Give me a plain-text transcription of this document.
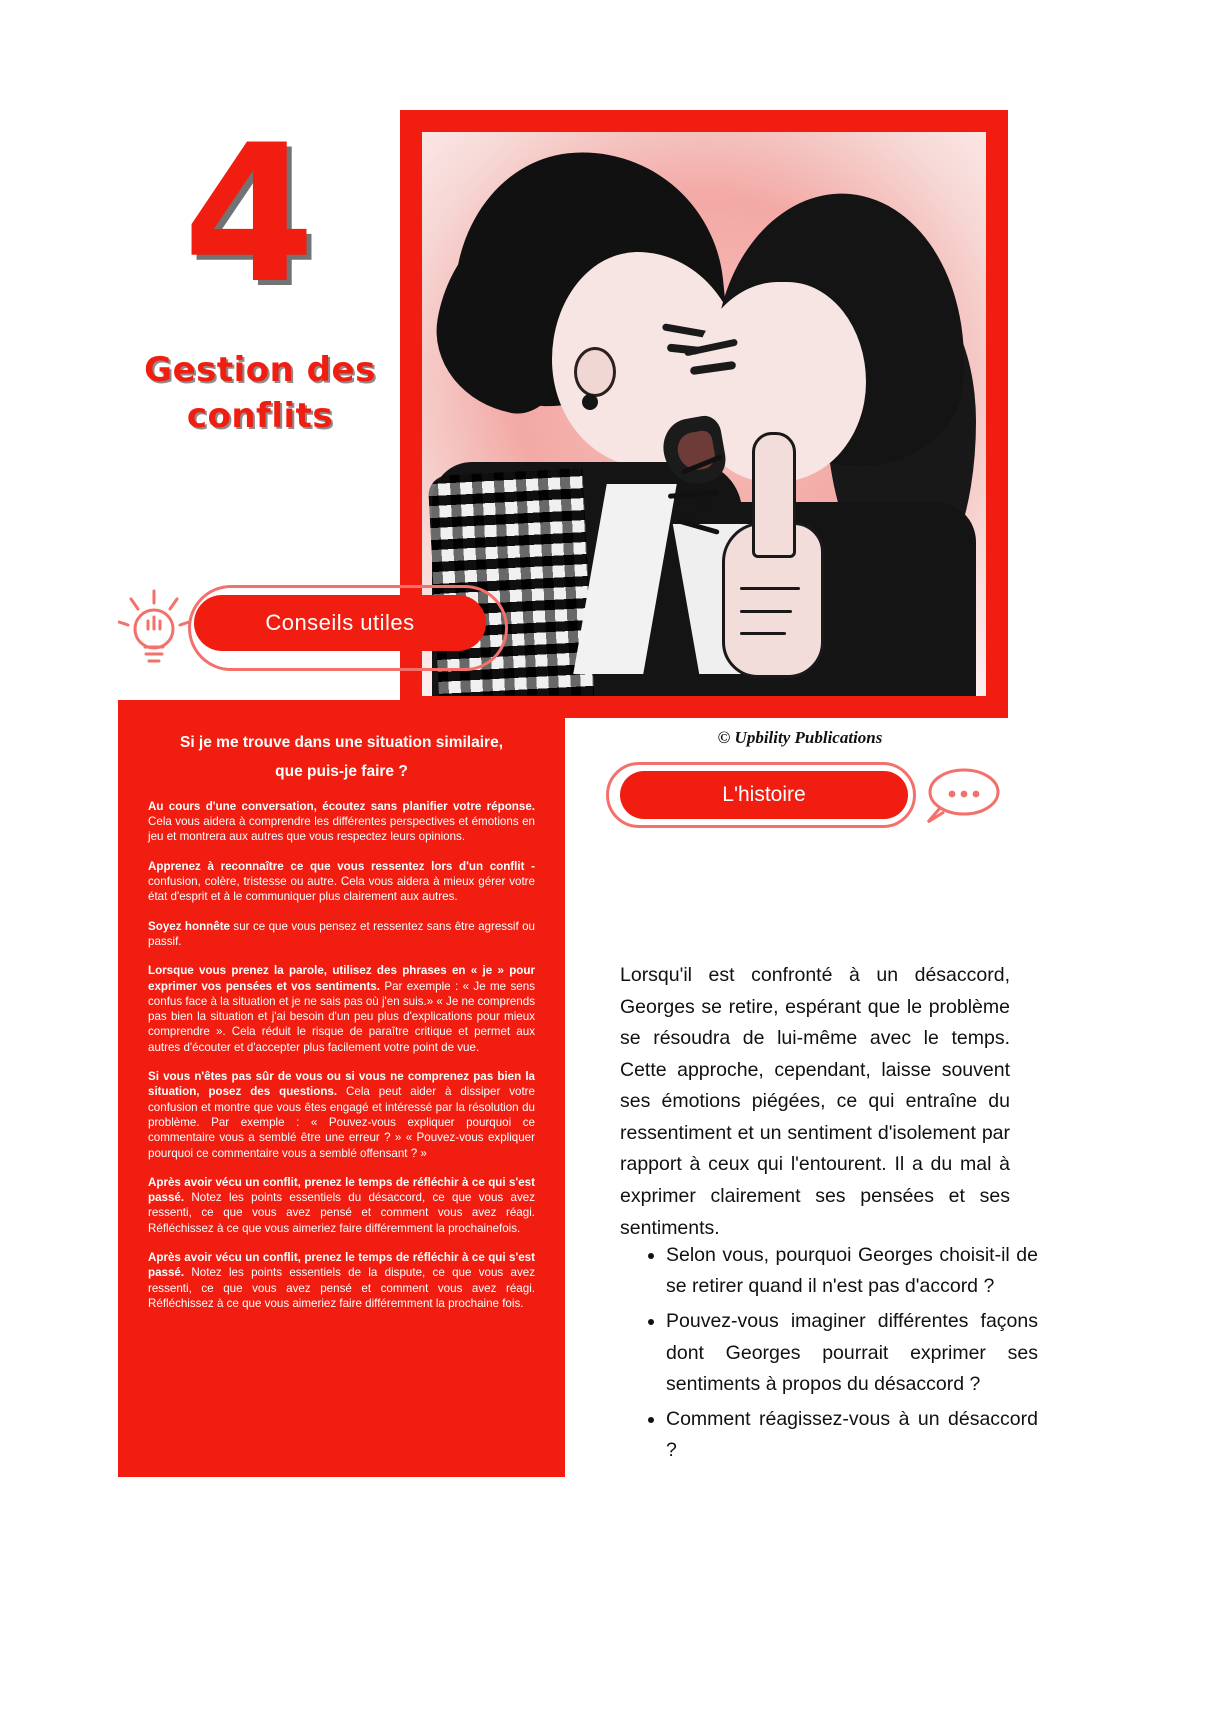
4
Gestion des conflits
Conseils utiles
Si je me trouve dans une situation similaire,
que puis-je faire ?

Au cours d'une conversation, écoutez sans planifier votre réponse. Cela vous aidera à comprendre les différentes perspectives et émotions en jeu et montrera aux autres que vous respectez leurs opinions.

Apprenez à reconnaître ce que vous ressentez lors d'un conflit - confusion, colère, tristesse ou autre. Cela vous aidera à mieux gérer votre état d'esprit et à le communiquer plus clairement aux autres.

Soyez honnête sur ce que vous pensez et ressentez sans être agressif ou passif.

Lorsque vous prenez la parole, utilisez des phrases en « je » pour exprimer vos pensées et vos sentiments. Par exemple : « Je me sens confus face à la situation et je ne sais pas où j'en suis.» « Je ne comprends pas bien la situation et j'ai besoin d'un peu plus d'explications pour mieux comprendre ». Cela réduit le risque de paraître critique et permet aux autres d'écouter et d'accepter plus facilement votre point de vue.

Si vous n'êtes pas sûr de vous ou si vous ne comprenez pas bien la situation, posez des questions. Cela peut aider à dissiper votre confusion et montre que vous êtes engagé et intéressé par la résolution du problème. Par exemple : « Pouvez-vous expliquer pourquoi ce commentaire vous a semblé être une erreur ? » « Pouvez-vous expliquer pourquoi ce commentaire vous a semblé offensant ? »

Après avoir vécu un conflit, prenez le temps de réfléchir à ce qui s'est passé. Notez les points essentiels du désaccord, ce que vous avez ressenti, ce que vous avez pensé et comment vous avez réagi. Réfléchissez à ce que vous aimeriez faire différemment la prochainefois.

Après avoir vécu un conflit, prenez le temps de réfléchir à ce qui s'est passé. Notez les points essentiels de la dispute, ce que vous avez ressenti, ce que vous avez pensé et comment vous avez réagi. Réfléchissez à ce que vous aimeriez faire différemment la prochaine fois.

© Upbility Publications
L'histoire
Lorsqu'il est confronté à un désaccord, Georges se retire, espérant que le problème se résoudra de lui-même avec le temps. Cette approche, cependant, laisse souvent ses émotions piégées, ce qui entraîne du ressentiment et un sentiment d'isolement par rapport à ceux qui l'entourent. Il a du mal à exprimer clairement ses pensées et ses sentiments.
• Selon vous, pourquoi Georges choisit-il de se retirer quand il n'est pas d'accord ?
• Pouvez-vous imaginer différentes façons dont Georges pourrait exprimer ses sentiments à propos du désaccord ?
• Comment réagissez-vous à un désaccord ?
